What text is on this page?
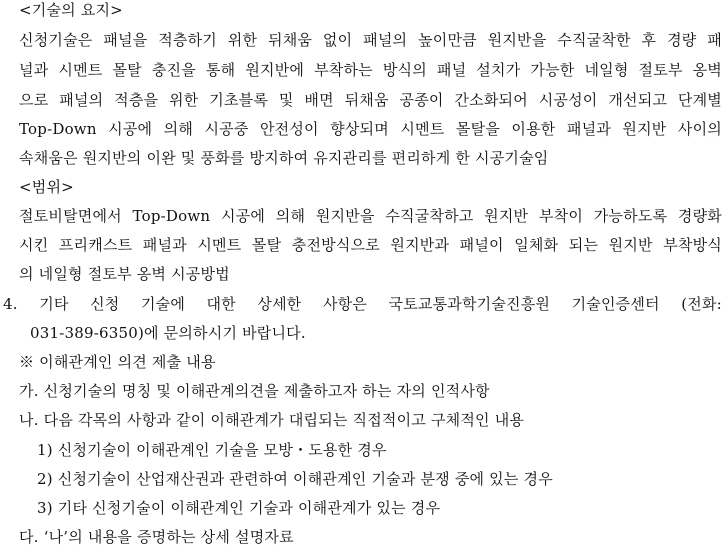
<기술의 요지>
신청기술은 패널을 적층하기 위한 뒤채움 없이 패널의 높이만큼 원지반을 수직굴착한 후 경량 패
널과 시멘트 몰탈 충진을 통해 원지반에 부착하는 방식의 패널 설치가 가능한 네일형 절토부 옹벽
으로 패널의 적층을 위한 기초블록 및 배면 뒤채움 공종이 간소화되어 시공성이 개선되고 단계별
Top-Down 시공에 의해 시공중 안전성이 향상되며 시멘트 몰탈을 이용한 패널과 원지반 사이의
속채움은 원지반의 이완 및 풍화를 방지하여 유지관리를 편리하게 한 시공기술임
<범위>
절토비탈면에서 Top-Down 시공에 의해 원지반을 수직굴착하고 원지반 부착이 가능하도록 경량화
시킨 프리캐스트 패널과 시멘트 몰탈 충전방식으로 원지반과 패널이 일체화 되는 원지반 부착방식
의 네일형 절토부 옹벽 시공방법
4. 기타 신청 기술에 대한 상세한 사항은 국토교통과학기술진흥원 기술인증센터 (전화:
031-389-6350)에 문의하시기 바랍니다.
※ 이해관계인 의견 제출 내용
가. 신청기술의 명칭 및 이해관계의견을 제출하고자 하는 자의 인적사항
나. 다음 각목의 사항과 같이 이해관계가 대립되는 직접적이고 구체적인 내용
1) 신청기술이 이해관계인 기술을 모방・도용한 경우
2) 신청기술이 산업재산권과 관련하여 이해관계인 기술과 분쟁 중에 있는 경우
3) 기타 신청기술이 이해관계인 기술과 이해관계가 있는 경우
다. ‘나’의 내용을 증명하는 상세 설명자료
